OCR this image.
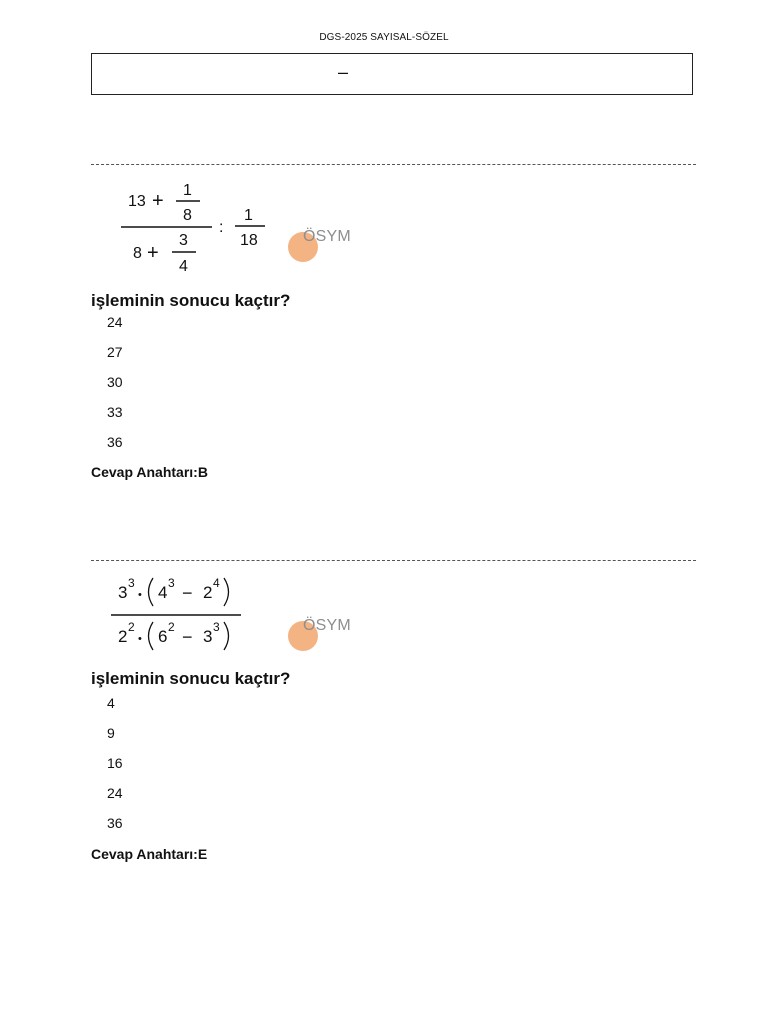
DGS-2025 SAYISAL-SÖZEL
–
13 + 1
8
8 +
3
4
:
1
18	ÖSYM
işleminin sonucu kaçtır?
24
27
30
33
36
Cevap Anahtarı:B
3 3
• 4 3 − 2 4
2 2
• 6 2 − 3 3	ÖSYM
işleminin sonucu kaçtır?
4
9
16
24
36
Cevap Anahtarı:E
